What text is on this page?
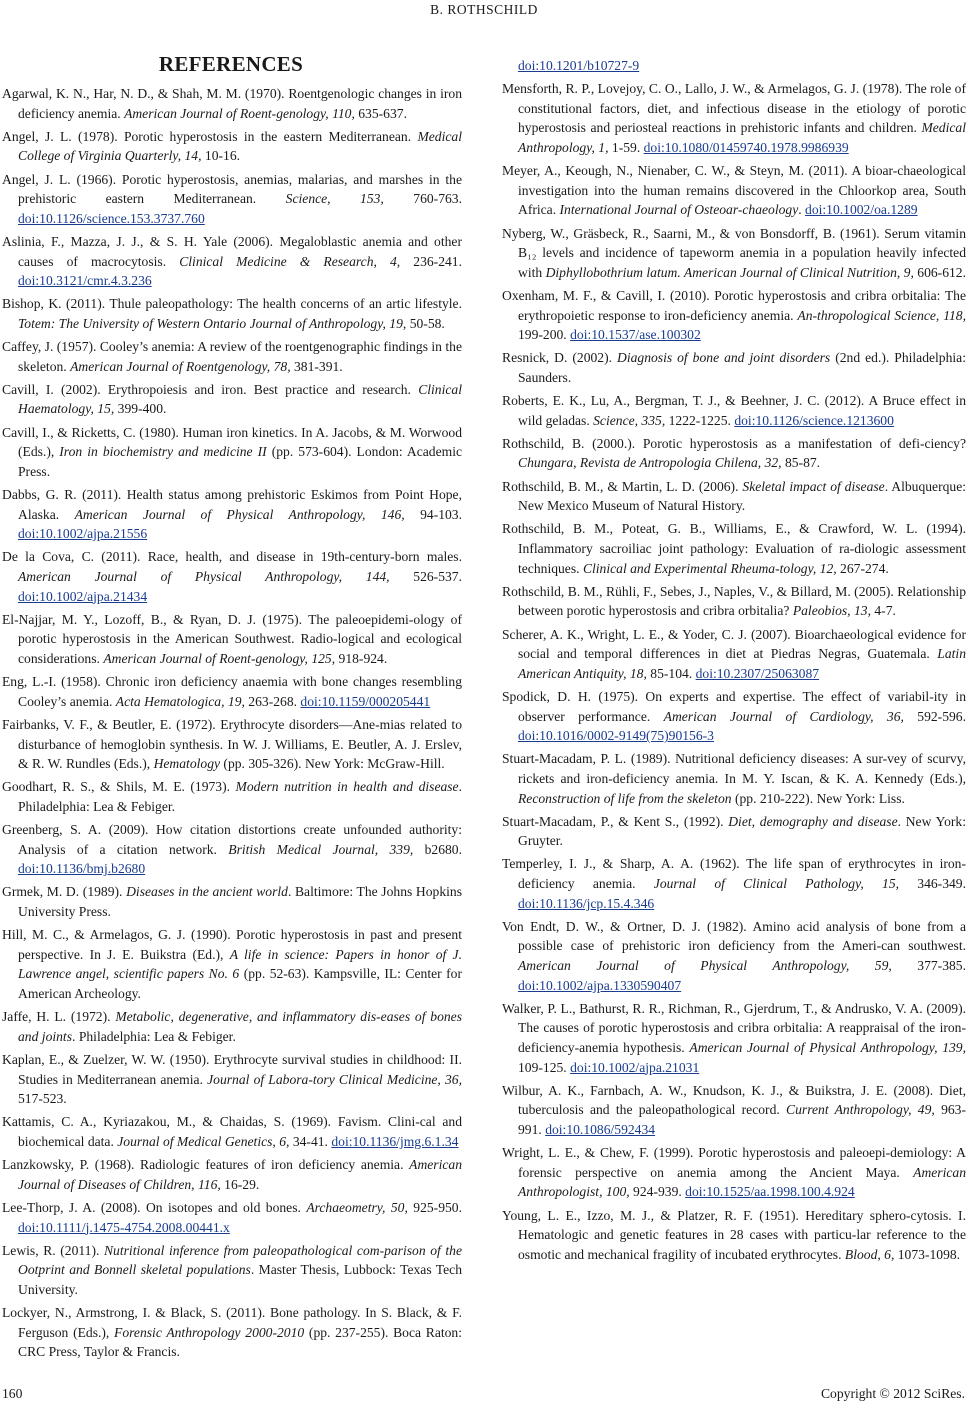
B. ROTHSCHILD
REFERENCES
Agarwal, K. N., Har, N. D., & Shah, M. M. (1970). Roentgenologic changes in iron deficiency anemia. American Journal of Roent-genology, 110, 635-637.
Angel, J. L. (1978). Porotic hyperostosis in the eastern Mediterranean. Medical College of Virginia Quarterly, 14, 10-16.
Angel, J. L. (1966). Porotic hyperostosis, anemias, malarias, and marshes in the prehistoric eastern Mediterranean. Science, 153, 760-763. doi:10.1126/science.153.3737.760
Aslinia, F., Mazza, J. J., & S. H. Yale (2006). Megaloblastic anemia and other causes of macrocytosis. Clinical Medicine & Research, 4, 236-241. doi:10.3121/cmr.4.3.236
Bishop, K. (2011). Thule paleopathology: The health concerns of an artic lifestyle. Totem: The University of Western Ontario Journal of Anthropology, 19, 50-58.
Caffey, J. (1957). Cooley’s anemia: A review of the roentgenographic findings in the skeleton. American Journal of Roentgenology, 78, 381-391.
Cavill, I. (2002). Erythropoiesis and iron. Best practice and research. Clinical Haematology, 15, 399-400.
Cavill, I., & Ricketts, C. (1980). Human iron kinetics. In A. Jacobs, & M. Worwood (Eds.), Iron in biochemistry and medicine II (pp. 573-604). London: Academic Press.
Dabbs, G. R. (2011). Health status among prehistoric Eskimos from Point Hope, Alaska. American Journal of Physical Anthropology, 146, 94-103. doi:10.1002/ajpa.21556
De la Cova, C. (2011). Race, health, and disease in 19th-century-born males. American Journal of Physical Anthropology, 144, 526-537. doi:10.1002/ajpa.21434
El-Najjar, M. Y., Lozoff, B., & Ryan, D. J. (1975). The paleoepidemi-ology of porotic hyperostosis in the American Southwest. Radio-logical and ecological considerations. American Journal of Roent-genology, 125, 918-924.
Eng, L.-I. (1958). Chronic iron deficiency anaemia with bone changes resembling Cooley’s anemia. Acta Hematologica, 19, 263-268. doi:10.1159/000205441
Fairbanks, V. F., & Beutler, E. (1972). Erythrocyte disorders—Ane-mias related to disturbance of hemoglobin synthesis. In W. J. Williams, E. Beutler, A. J. Erslev, & R. W. Rundles (Eds.), Hematology (pp. 305-326). New York: McGraw-Hill.
Goodhart, R. S., & Shils, M. E. (1973). Modern nutrition in health and disease. Philadelphia: Lea & Febiger.
Greenberg, S. A. (2009). How citation distortions create unfounded authority: Analysis of a citation network. British Medical Journal, 339, b2680. doi:10.1136/bmj.b2680
Grmek, M. D. (1989). Diseases in the ancient world. Baltimore: The Johns Hopkins University Press.
Hill, M. C., & Armelagos, G. J. (1990). Porotic hyperostosis in past and present perspective. In J. E. Buikstra (Ed.), A life in science: Papers in honor of J. Lawrence angel, scientific papers No. 6 (pp. 52-63). Kampsville, IL: Center for American Archeology.
Jaffe, H. L. (1972). Metabolic, degenerative, and inflammatory dis-eases of bones and joints. Philadelphia: Lea & Febiger.
Kaplan, E., & Zuelzer, W. W. (1950). Erythrocyte survival studies in childhood: II. Studies in Mediterranean anemia. Journal of Labora-tory Clinical Medicine, 36, 517-523.
Kattamis, C. A., Kyriazakou, M., & Chaidas, S. (1969). Favism. Clini-cal and biochemical data. Journal of Medical Genetics, 6, 34-41. doi:10.1136/jmg.6.1.34
Lanzkowsky, P. (1968). Radiologic features of iron deficiency anemia. American Journal of Diseases of Children, 116, 16-29.
Lee-Thorp, J. A. (2008). On isotopes and old bones. Archaeometry, 50, 925-950. doi:10.1111/j.1475-4754.2008.00441.x
Lewis, R. (2011). Nutritional inference from paleopathological com-parison of the Ootprint and Bonnell skeletal populations. Master Thesis, Lubbock: Texas Tech University.
Lockyer, N., Armstrong, I. & Black, S. (2011). Bone pathology. In S. Black, & F. Ferguson (Eds.), Forensic Anthropology 2000-2010 (pp. 237-255). Boca Raton: CRC Press, Taylor & Francis.
doi:10.1201/b10727-9
Mensforth, R. P., Lovejoy, C. O., Lallo, J. W., & Armelagos, G. J. (1978). The role of constitutional factors, diet, and infectious disease in the etiology of porotic hyperostosis and periosteal reactions in prehistoric infants and children. Medical Anthropology, 1, 1-59. doi:10.1080/01459740.1978.9986939
Meyer, A., Keough, N., Nienaber, C. W., & Steyn, M. (2011). A bioar-chaeological investigation into the human remains discovered in the Chloorkop area, South Africa. International Journal of Osteoar-chaeology. doi:10.1002/oa.1289
Nyberg, W., Gräsbeck, R., Saarni, M., & von Bonsdorff, B. (1961). Serum vitamin B₁₂ levels and incidence of tapeworm anemia in a population heavily infected with Diphyllobothrium latum. American Journal of Clinical Nutrition, 9, 606-612.
Oxenham, M. F., & Cavill, I. (2010). Porotic hyperostosis and cribra orbitalia: The erythropoietic response to iron-deficiency anemia. An-thropological Science, 118, 199-200. doi:10.1537/ase.100302
Resnick, D. (2002). Diagnosis of bone and joint disorders (2nd ed.). Philadelphia: Saunders.
Roberts, E. K., Lu, A., Bergman, T. J., & Beehner, J. C. (2012). A Bruce effect in wild geladas. Science, 335, 1222-1225. doi:10.1126/science.1213600
Rothschild, B. (2000.). Porotic hyperostosis as a manifestation of defi-ciency? Chungara, Revista de Antropologia Chilena, 32, 85-87.
Rothschild, B. M., & Martin, L. D. (2006). Skeletal impact of disease. Albuquerque: New Mexico Museum of Natural History.
Rothschild, B. M., Poteat, G. B., Williams, E., & Crawford, W. L. (1994). Inflammatory sacroiliac joint pathology: Evaluation of ra-diologic assessment techniques. Clinical and Experimental Rheuma-tology, 12, 267-274.
Rothschild, B. M., Rühli, F., Sebes, J., Naples, V., & Billard, M. (2005). Relationship between porotic hyperostosis and cribra orbitalia? Paleobios, 13, 4-7.
Scherer, A. K., Wright, L. E., & Yoder, C. J. (2007). Bioarchaeological evidence for social and temporal differences in diet at Piedras Negras, Guatemala. Latin American Antiquity, 18, 85-104. doi:10.2307/25063087
Spodick, D. H. (1975). On experts and expertise. The effect of variabil-ity in observer performance. American Journal of Cardiology, 36, 592-596. doi:10.1016/0002-9149(75)90156-3
Stuart-Macadam, P. L. (1989). Nutritional deficiency diseases: A sur-vey of scurvy, rickets and iron-deficiency anemia. In M. Y. Iscan, & K. A. Kennedy (Eds.), Reconstruction of life from the skeleton (pp. 210-222). New York: Liss.
Stuart-Macadam, P., & Kent S., (1992). Diet, demography and disease. New York: Gruyter.
Temperley, I. J., & Sharp, A. A. (1962). The life span of erythrocytes in iron-deficiency anemia. Journal of Clinical Pathology, 15, 346-349. doi:10.1136/jcp.15.4.346
Von Endt, D. W., & Ortner, D. J. (1982). Amino acid analysis of bone from a possible case of prehistoric iron deficiency from the Ameri-can southwest. American Journal of Physical Anthropology, 59, 377-385. doi:10.1002/ajpa.1330590407
Walker, P. L., Bathurst, R. R., Richman, R., Gjerdrum, T., & Andrusko, V. A. (2009). The causes of porotic hyperostosis and cribra orbitalia: A reappraisal of the iron-deficiency-anemia hypothesis. American Journal of Physical Anthropology, 139, 109-125. doi:10.1002/ajpa.21031
Wilbur, A. K., Farnbach, A. W., Knudson, K. J., & Buikstra, J. E. (2008). Diet, tuberculosis and the paleopathological record. Current Anthropology, 49, 963-991. doi:10.1086/592434
Wright, L. E., & Chew, F. (1999). Porotic hyperostosis and paleoepi-demiology: A forensic perspective on anemia among the Ancient Maya. American Anthropologist, 100, 924-939. doi:10.1525/aa.1998.100.4.924
Young, L. E., Izzo, M. J., & Platzer, R. F. (1951). Hereditary sphero-cytosis. I. Hematologic and genetic features in 28 cases with particu-lar reference to the osmotic and mechanical fragility of incubated erythrocytes. Blood, 6, 1073-1098.
160	Copyright © 2012 SciRes.
